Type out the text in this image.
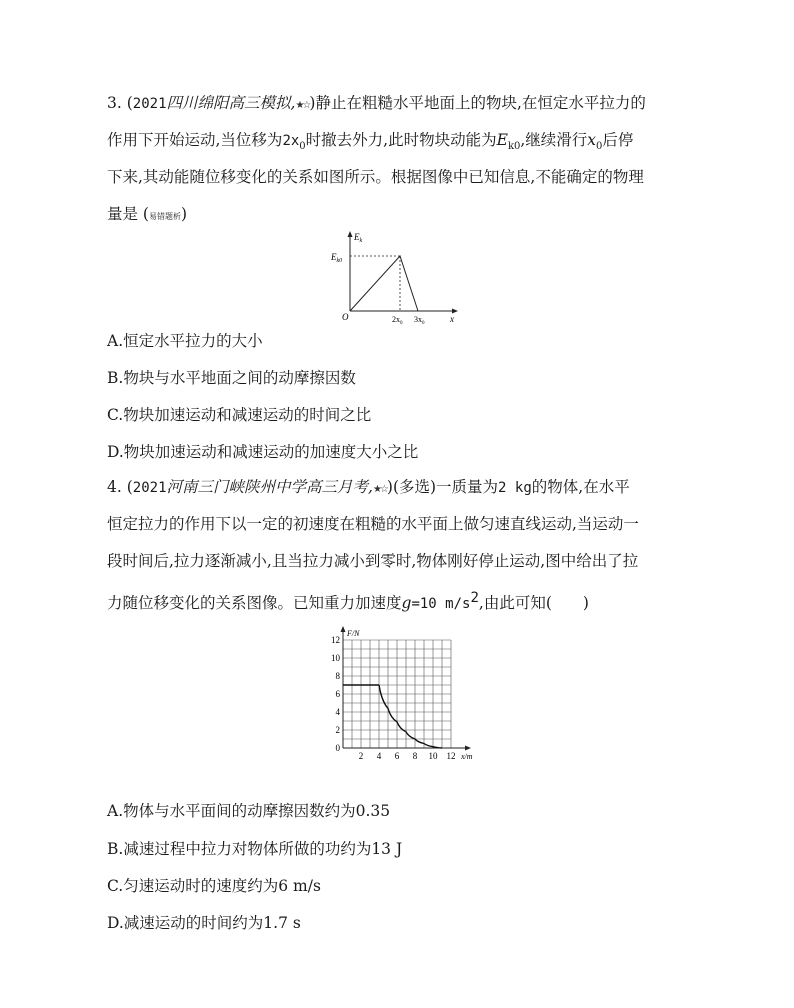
3. (2021四川绵阳高三模拟,★☆)静止在粗糙水平地面上的物块,在恒定水平拉力的
作用下开始运动,当位移为$2x_0$时撤去外力,此时物块动能为$E_{k0}$,继续滑行$x_0$后停
下来,其动能随位移变化的关系如图所示。根据图像中已知信息,不能确定的物理
量是 (易错题析)
$E_k$
$E_{k0}$
O	$2x_0$ $3x_0$	x
A.恒定水平拉力的大小
B.物块与水平地面之间的动摩擦因数
C.物块加速运动和减速运动的时间之比
D.物块加速运动和减速运动的加速度大小之比
4. (2021河南三门峡陕州中学高三月考,★☆)(多选)一质量为2 kg的物体,在水平
恒定拉力的作用下以一定的初速度在粗糙的水平面上做匀速直线运动,当运动一
段时间后,拉力逐渐减小,且当拉力减小到零时,物体刚好停止运动,图中给出了拉
力随位移变化的关系图像。已知重力加速度g=10 $m/s^2$,由此可知(　　)
0
2
4
6
8
10
12
2 4 6 8 10 12 x/m
F/N
A.物体与水平面间的动摩擦因数约为0.35
B.减速过程中拉力对物体所做的功约为13 J
C.匀速运动时的速度约为6 m/s
D.减速运动的时间约为1.7 s
